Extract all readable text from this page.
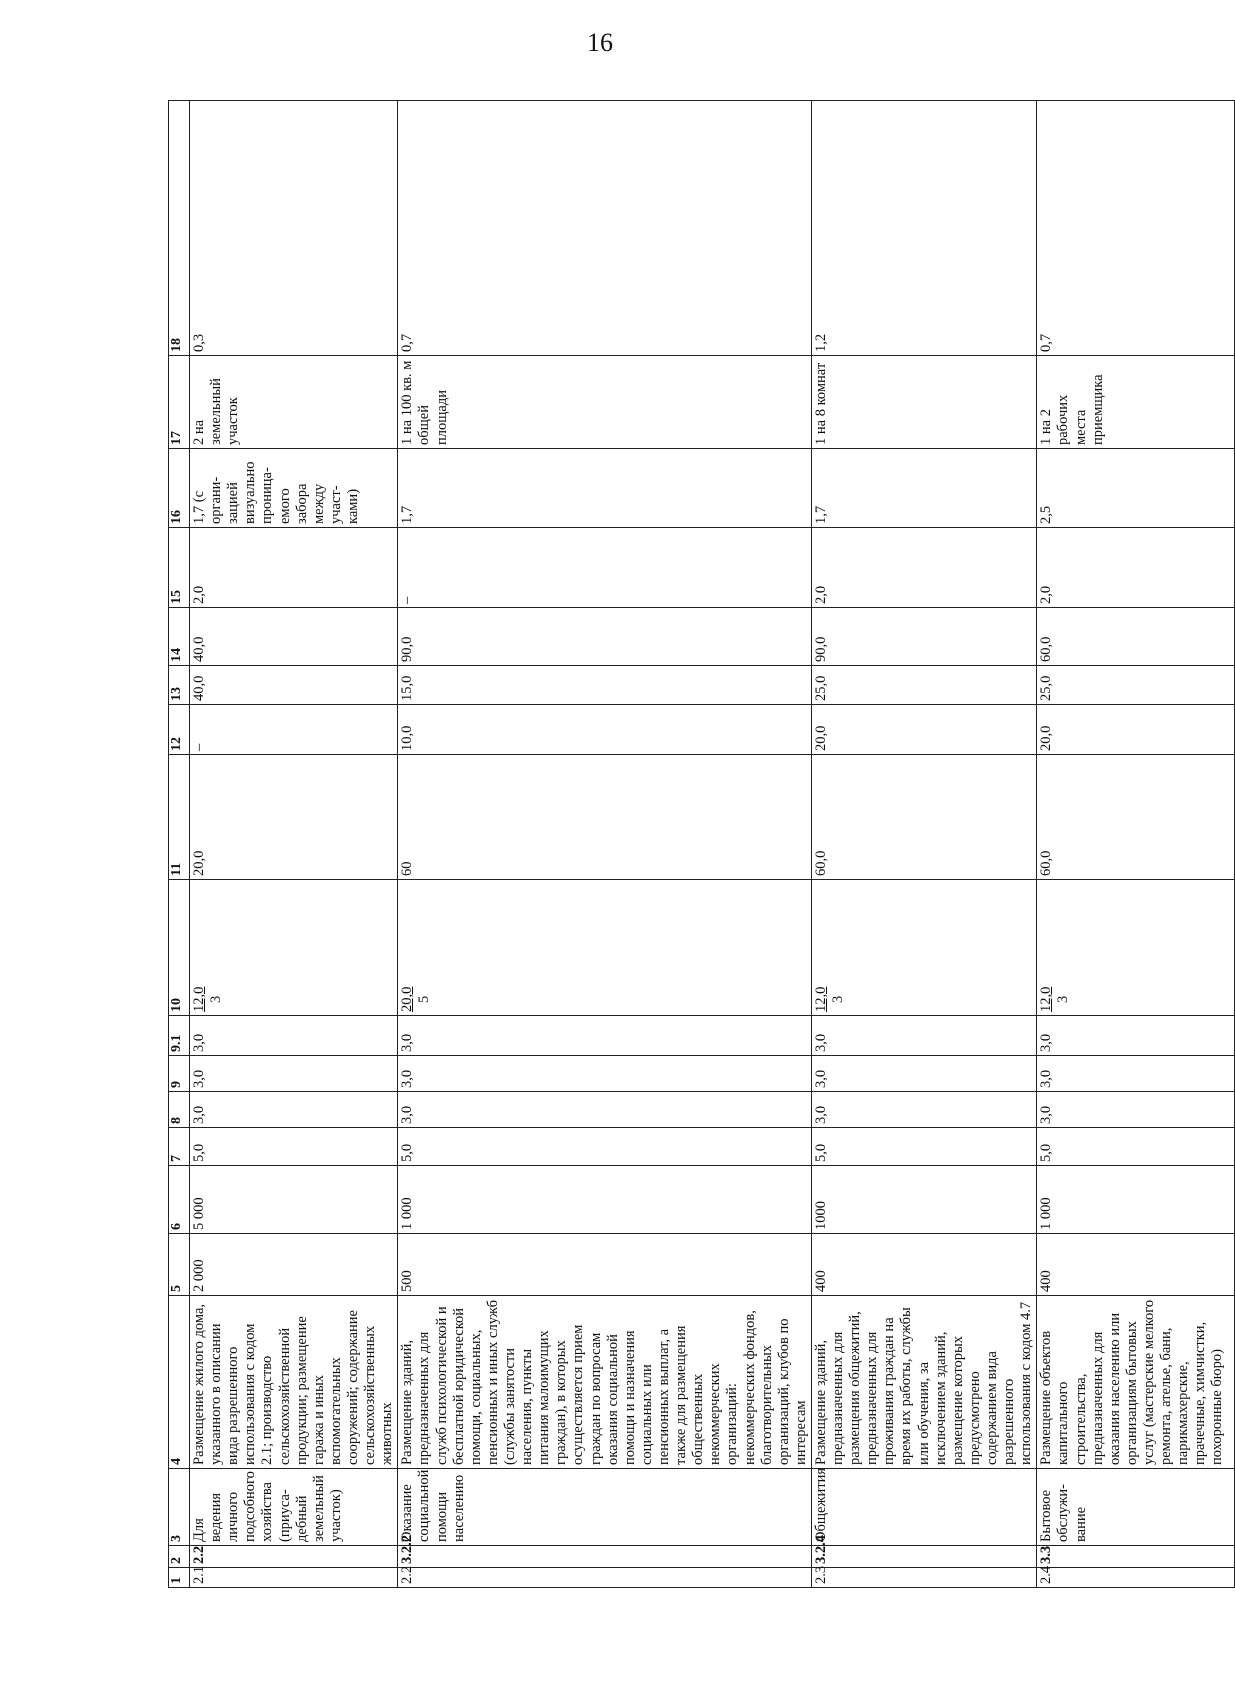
16
1	2	3	4	5	6	7	8	9	9.1	10	11	12	13	14	15	16	17	18
2.1	2.2	Для ведения личного подсобного хозяйства (приуса-дебный земельный участок)	Размещение жилого дома, указанного в описании вида разрешенного использования с кодом 2.1; производство сельскохозяйственной продукции; размещение гаража и иных вспомогательных сооружений; содержание сельскохозяйственных животных	2 000	5 000	5,0	3,0	3,0	3,0	12,0 3	20,0	–	40,0	40,0	2,0	1,7 (с органи-зацией визуально проница-емого забора между участ-ками)	2 на земельный участок	0,3
2.2	3.2.2	Оказание социальной помощи населению	Размещение зданий, предназначенных для служб психологической и бесплатной юридической помощи, социальных, пенсионных и иных служб (службы занятости населения, пункты питания малоимущих граждан), в которых осуществляется прием граждан по вопросам оказания социальной помощи и назначения социальных или пенсионных выплат, а также для размещения общественных некоммерческих организаций: некоммерческих фондов, благотворительных организаций, клубов по интересам	500	1 000	5,0	3,0	3,0	3,0	20,0 5	60	10,0	15,0	90,0	–	1,7	1 на 100 кв. м общей площади	0,7
2.3	3.2.4	Общежития	Размещение зданий, предназначенных для размещения общежитий, предназначенных для проживания граждан на время их работы, службы или обучения, за исключением зданий, размещение которых предусмотрено содержанием вида разрешенного использования с кодом 4.7	400	1000	5,0	3,0	3,0	3,0	12,0 3	60,0	20,0	25,0	90,0	2,0	1,7	1 на 8 комнат	1,2
2.4	3.3	Бытовое обслужи-вание	Размещение объектов капитального строительства, предназначенных для оказания населению или организациям бытовых услуг (мастерские мелкого ремонта, ателье, бани, парикмахерские, прачечные, химчистки, похоронные бюро)	400	1 000	5,0	3,0	3,0	3,0	12,0 3	60,0	20,0	25,0	60,0	2,0	2,5	1 на 2 рабочих места приемщика	0,7
